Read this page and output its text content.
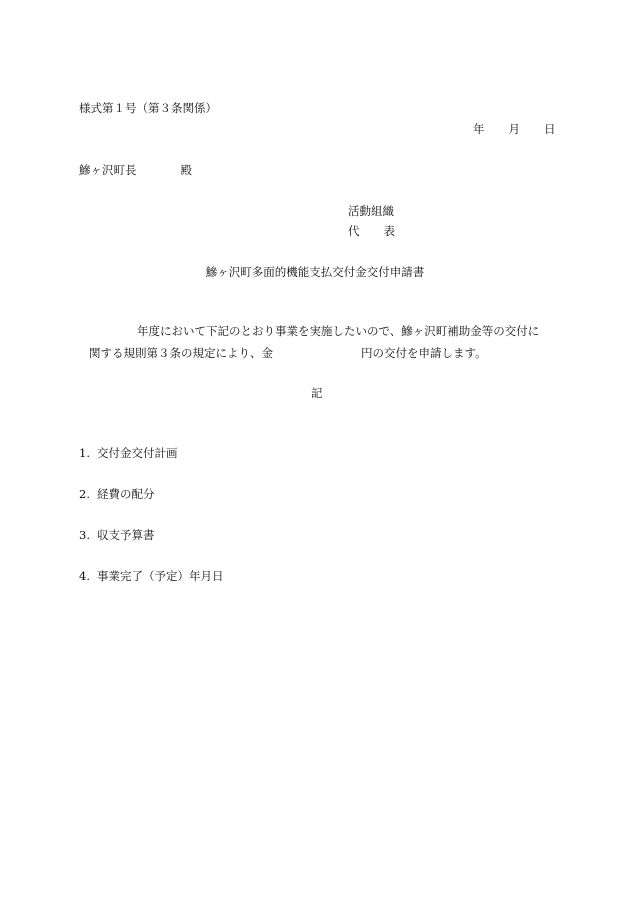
様式第１号（第３条関係）
年 月 日
鰺ヶ沢町長	殿
活動組織
代 表
鰺ヶ沢町多面的機能支払交付金交付申請書
年度において下記のとおり事業を実施したいので、鰺ヶ沢町補助金等の交付に
関する規則第３条の規定により、金	円の交付を申請します。
記
1. 交付金交付計画
2. 経費の配分
3. 収支予算書
4. 事業完了（予定）年月日
